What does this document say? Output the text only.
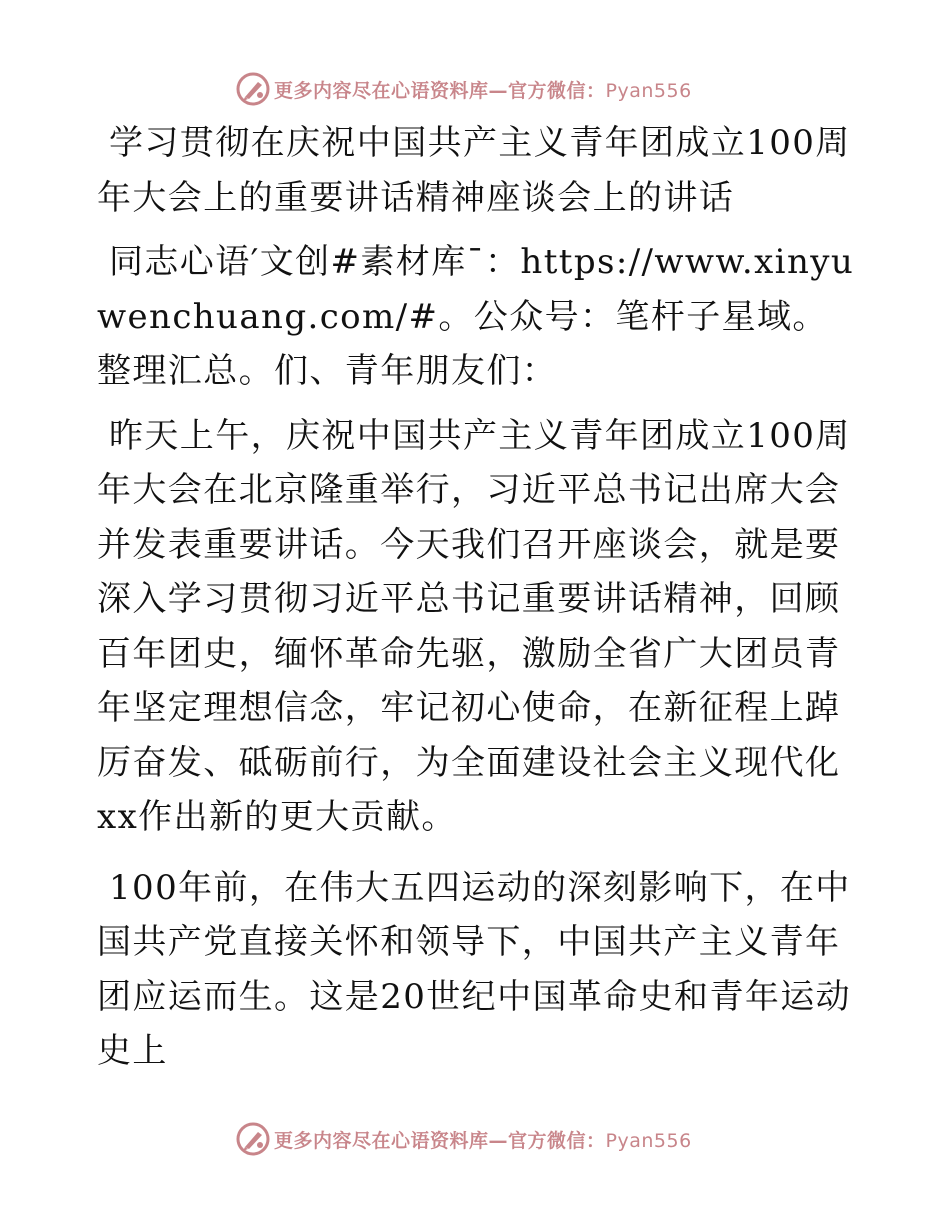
更多内容尽在心语资料库—官方微信：Pyan556

学习贯彻在庆祝中国共产主义青年团成立100周年大会上的重要讲话精神座谈会上的讲话

同志心语′文创#素材库¯：https://www.xinyuwenchuang.com/#。公众号：笔杆子星域。整理汇总。们、青年朋友们：

昨天上午，庆祝中国共产主义青年团成立100周年大会在北京隆重举行，习近平总书记出席大会并发表重要讲话。今天我们召开座谈会，就是要深入学习贯彻习近平总书记重要讲话精神，回顾百年团史，缅怀革命先驱，激励全省广大团员青年坚定理想信念，牢记初心使命，在新征程上踔厉奋发、砥砺前行，为全面建设社会主义现代化xx作出新的更大贡献。

100年前，在伟大五四运动的深刻影响下，在中国共产党直接关怀和领导下，中国共产主义青年团应运而生。这是20世纪中国革命史和青年运动史上

更多内容尽在心语资料库—官方微信：Pyan556
